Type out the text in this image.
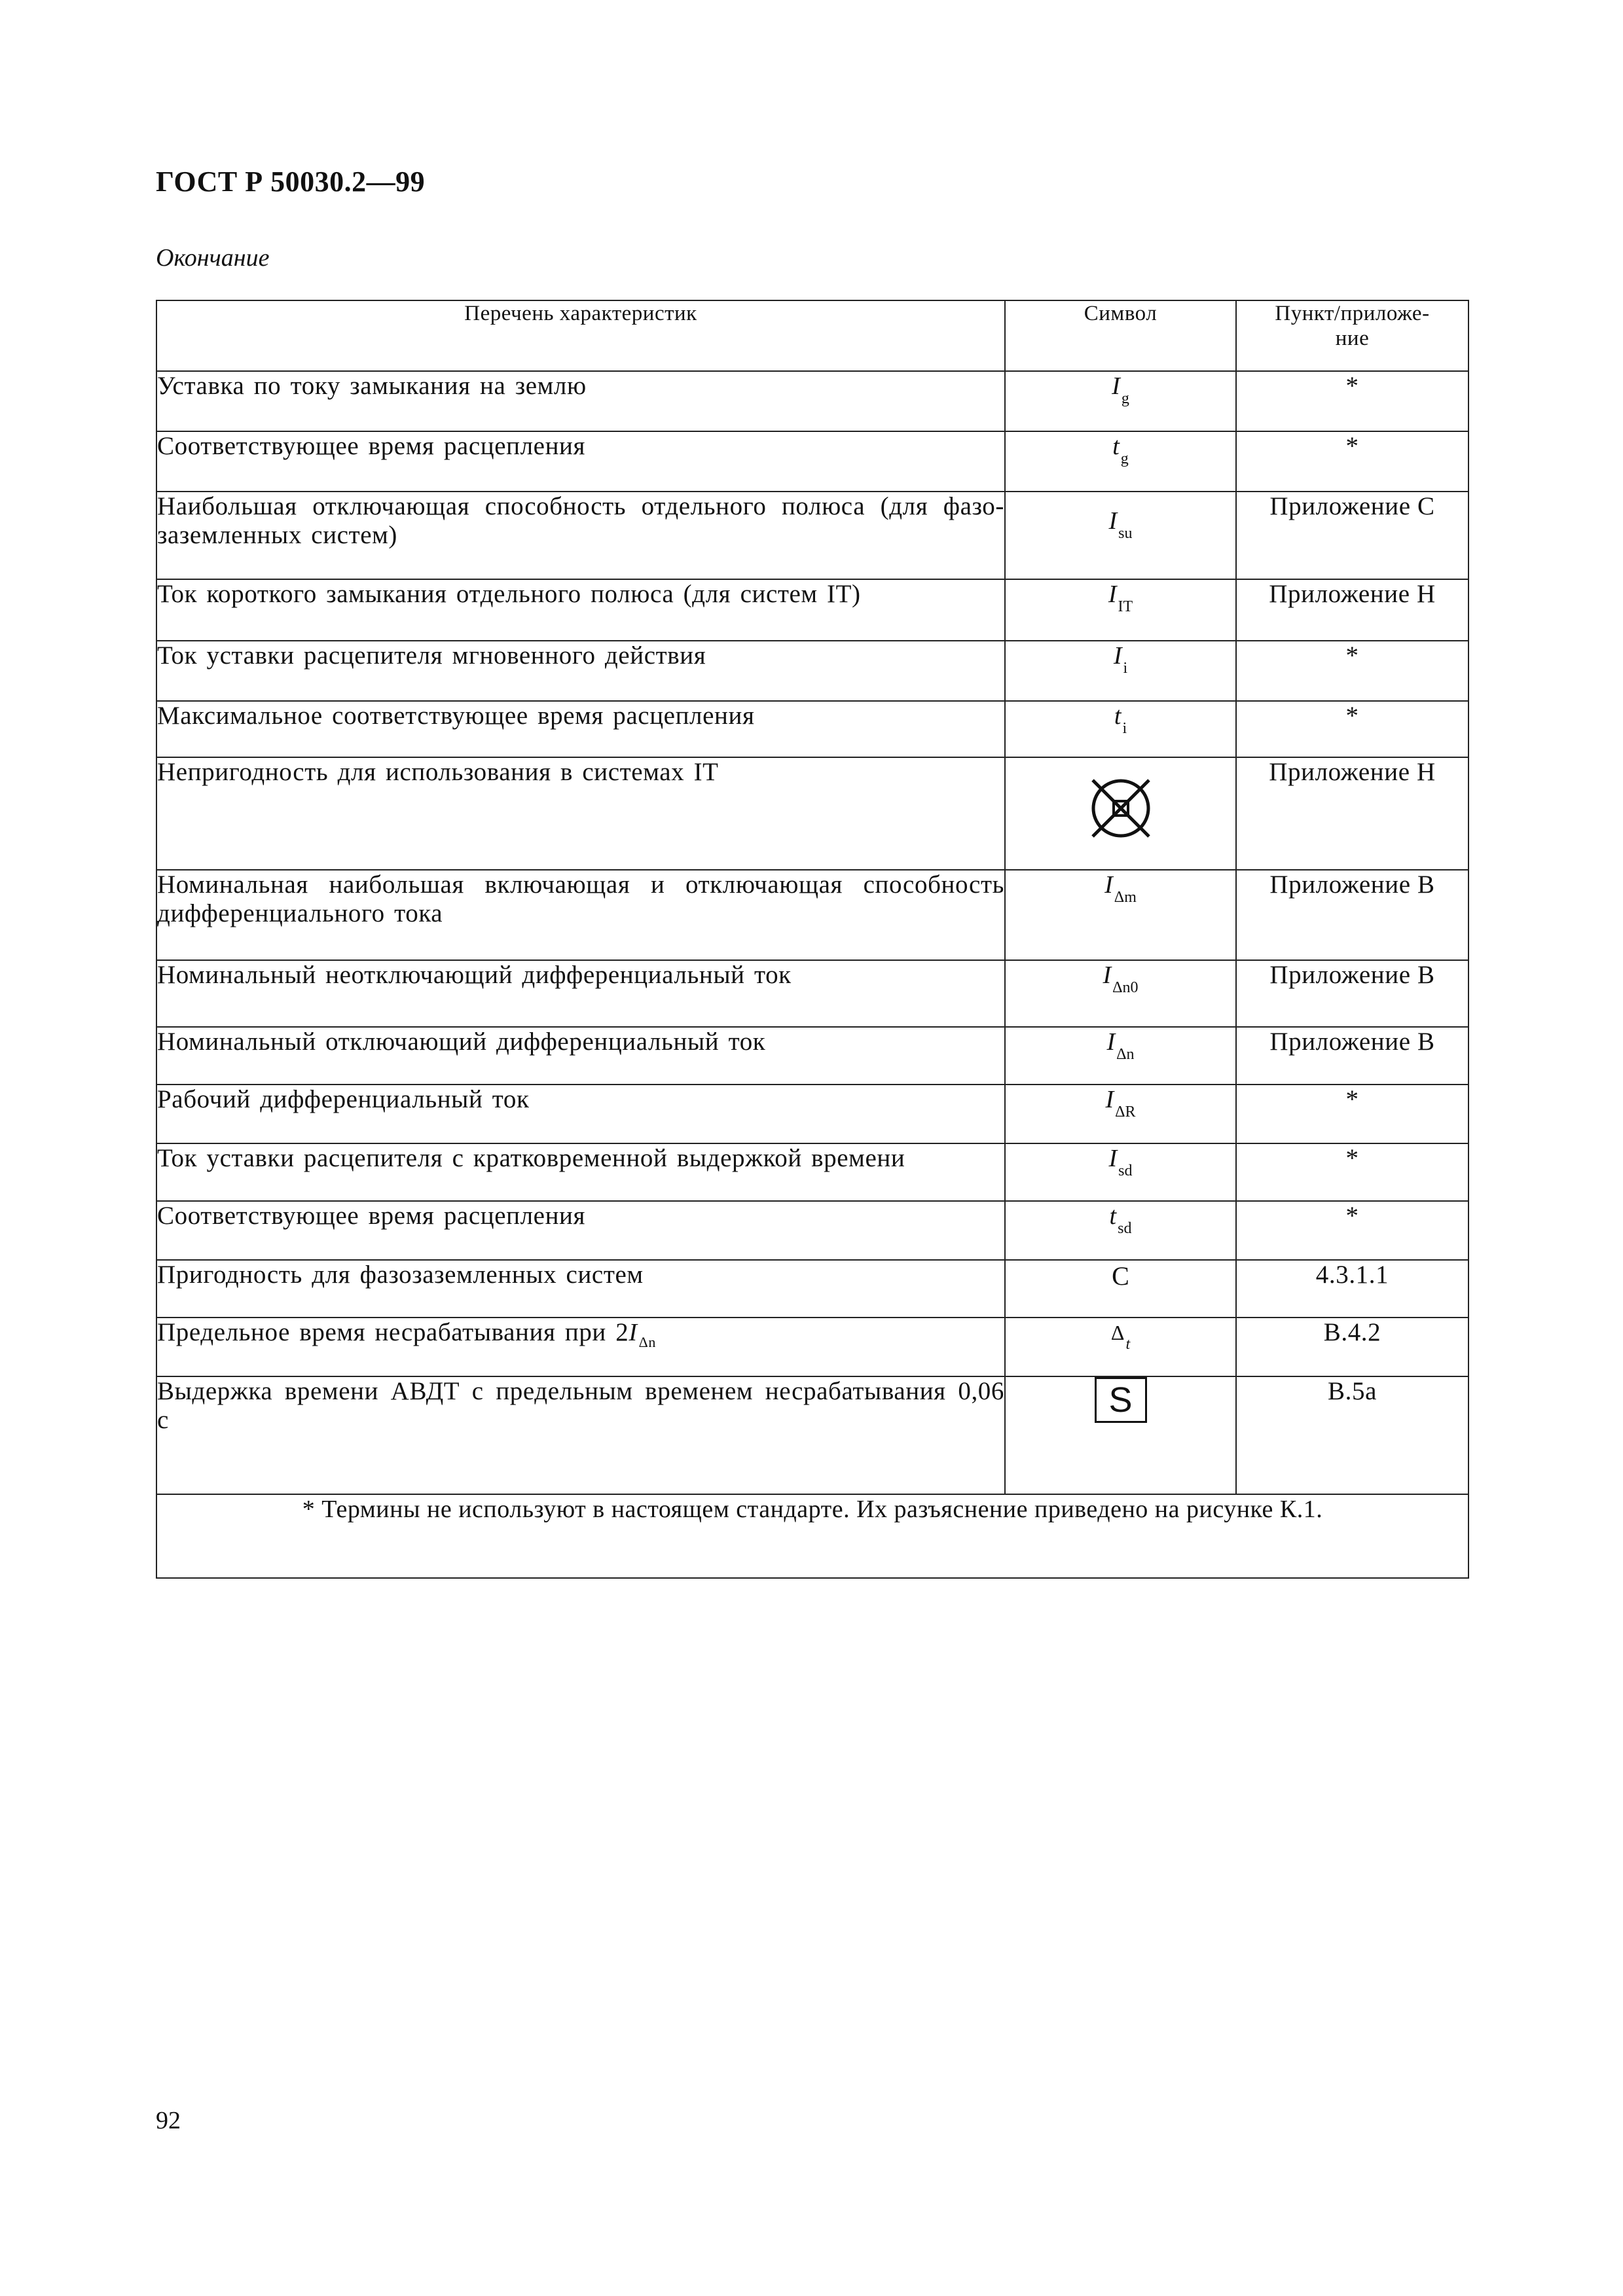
ГОСТ Р 50030.2—99
Окончание
Перечень характеристик	Символ	Пункт/приложе-
ние
Уставка по току замыкания на землю	$I_g$	*
Соответствующее время расцепления	$t_g$	*
Наибольшая отключающая способность отдельного полюса (для фазо-заземленных систем)	$I_{su}$	Приложение С
Ток короткого замыкания отдельного полюса (для систем IT)	$I_{IT}$	Приложение Н
Ток уставки расцепителя мгновенного действия	$I_i$	*
Максимальное соответствующее время расцепления	$t_i$	*
Непригодность для использования в системах IT		Приложение Н
Номинальная наибольшая включающая и отключающая способность дифференциального тока	$I_{\Delta m}$	Приложение В
Номинальный неотключающий дифференциальный ток	$I_{\Delta n0}$	Приложение В
Номинальный отключающий дифференциальный ток	$I_{\Delta n}$	Приложение В
Рабочий дифференциальный ток	$I_{\Delta R}$	*
Ток уставки расцепителя с кратковременной выдержкой времени	$I_{sd}$	*
Соответствующее время расцепления	$t_{sd}$	*
Пригодность для фазозаземленных систем	С	4.3.1.1
Предельное время несрабатывания при $2I_{\Delta n}$	$\Delta_t$	В.4.2
Выдержка времени АВДТ с предельным временем несрабатывания 0,06 с	S	В.5а
* Термины не используют в настоящем стандарте. Их разъяснение приведено на рисунке К.1.		
92
